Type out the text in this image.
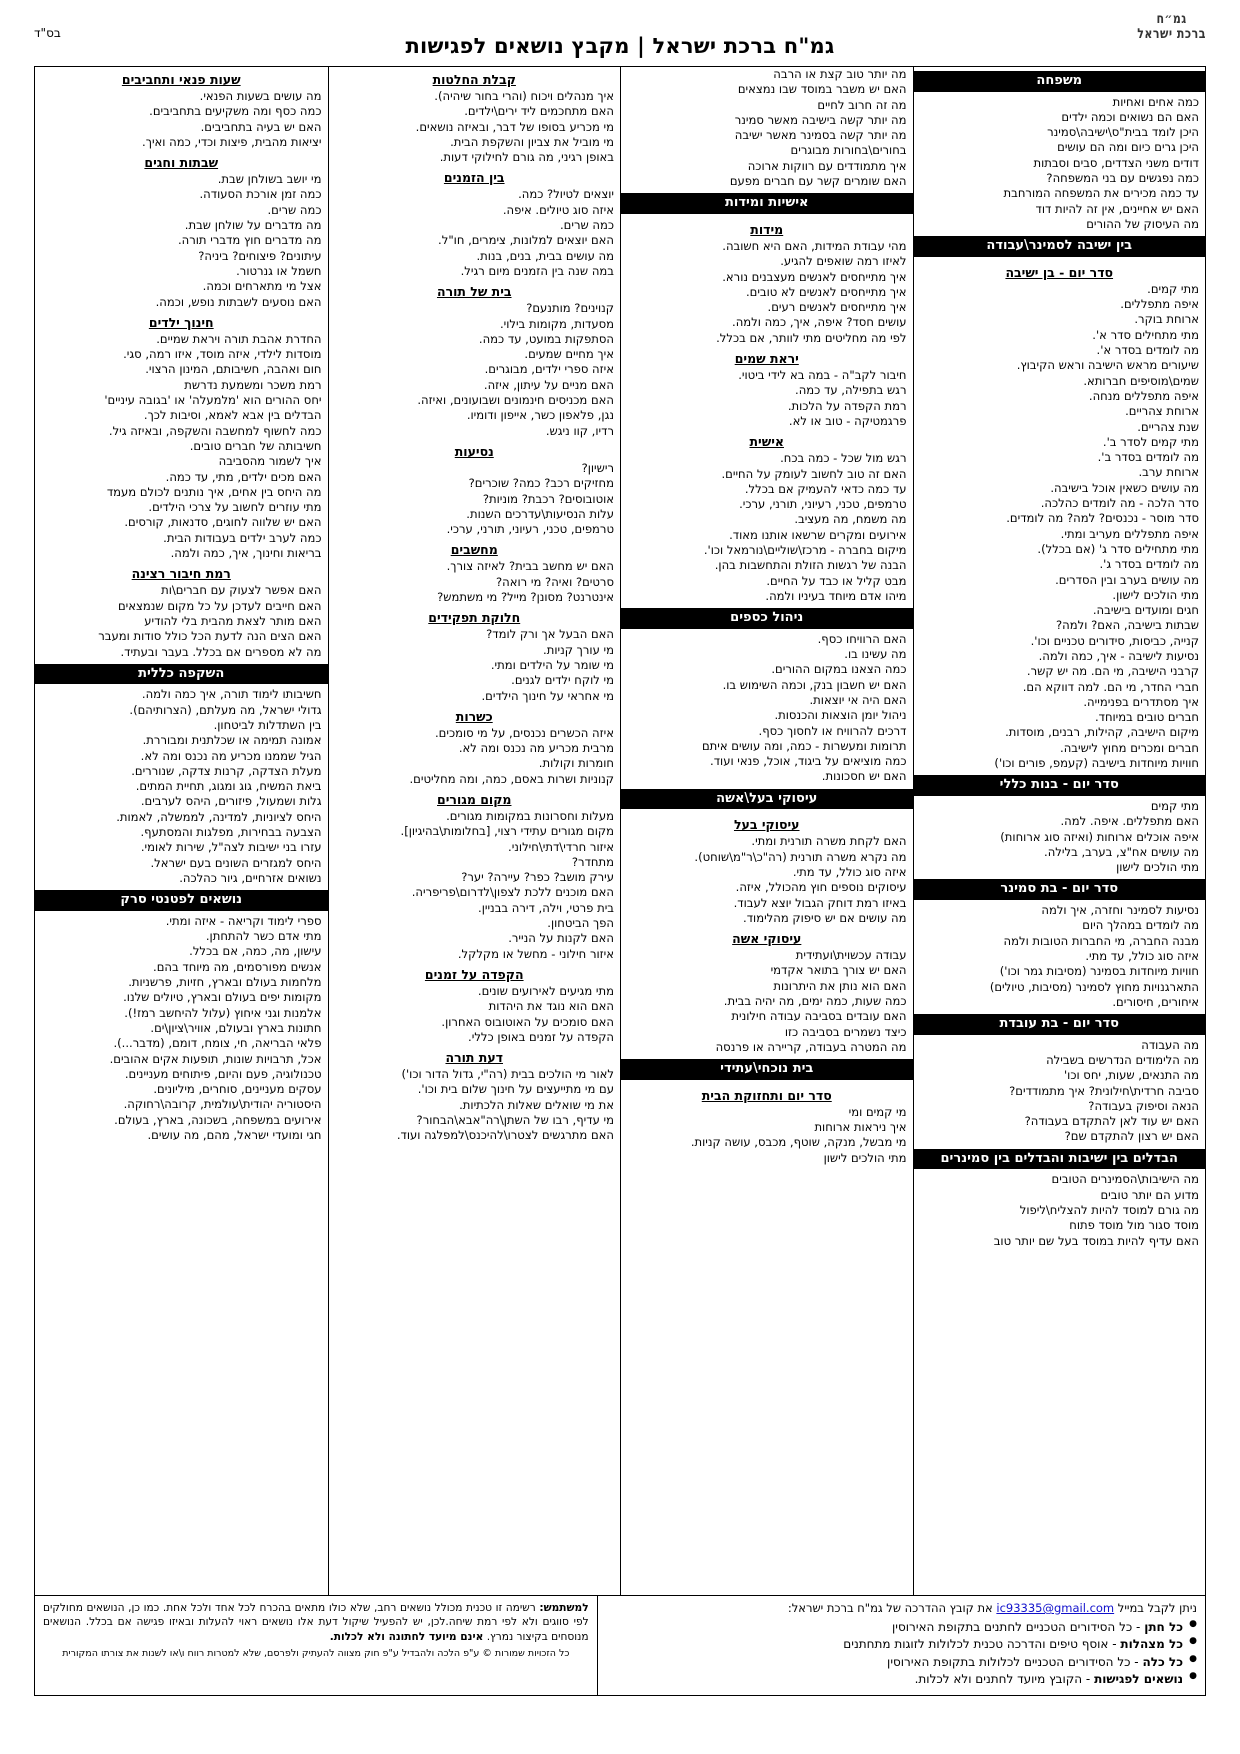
גמ״ח
ברכת ישראל
בס"ד
גמ"ח ברכת ישראל | מקבץ נושאים לפגישות
משפחה
כמה אחים ואחיות
האם הם נשואים וכמה ילדים
היכן לומד בבית"ס\ישיבה\סמינר
היכן גרים כיום ומה הם עושים
דודים משני הצדדים, סבים וסבתות
כמה נפגשים עם בני המשפחה?
עד כמה מכירים את המשפחה המורחבת
האם יש אחיינים, אין זה להיות דוד
מה העיסוק של ההורים
בין ישיבה לסמינר\עבודה
סדר יום - בן ישיבה
מתי קמים.
איפה מתפללים.
ארוחת בוקר.
מתי מתחילים סדר א'.
מה לומדים בסדר א'.
שיעורים מראש הישיבה וראש הקיבוץ.
שמים\מוסיפים חברותא.
איפה מתפללים מנחה.
ארוחת צהריים.
שנת צהריים.
מתי קמים לסדר ב'.
מה לומדים בסדר ב'.
ארוחת ערב.
מה עושים כשאין אוכל בישיבה.
סדר הלכה - מה לומדים כהלכה.
סדר מוסר - נכנסים? למה? מה לומדים.
איפה מתפללים מעריב ומתי.
מתי מתחילים סדר ג' (אם בכלל).
מה לומדים בסדר ג'.
מה עושים בערב ובין הסדרים.
מתי הולכים לישון.
חגים ומועדים בישיבה.
שבתות בישיבה, האם? ולמה?
קנייה, כביסות, סידורים טכניים וכו'.
נסיעות לישיבה - איך, כמה ולמה.
קרבני הישיבה, מי הם. מה יש קשר.
חברי החדר, מי הם. למה דווקא הם.
איך מסתדרים בפנימייה.
חברים טובים במיוחד.
מיקום הישיבה, קהילות, רבנים, מוסדות.
חברים ומכרים מחוץ לישיבה.
חוויות מיוחדות בישיבה (קעמפ, פורים וכו')
סדר יום - בנות כללי
מתי קמים
האם מתפללים. איפה. למה.
איפה אוכלים ארוחות (ואיזה סוג ארוחות)
מה עושים אח"צ, בערב, בלילה.
מתי הולכים לישון
סדר יום - בת סמינר
נסיעות לסמינר וחזרה, איך ולמה
מה לומדים במהלך היום
מבנה החברה, מי החברות הטובות ולמה
איזה סוג כולל, עד מתי.
חוויות מיוחדות בסמינר (מסיבות גמר וכו')
התארגנויות מחוץ לסמינר (מסיבות, טיולים)
איחורים, חיסורים.
סדר יום - בת עובדת
מה העבודה
מה הלימודים הנדרשים בשבילה
מה התנאים, שעות, יחס וכו'
סביבה חרדית\חילונית? איך מתמודדים?
הנאה וסיפוק בעבודה?
האם יש עוד לאן להתקדם בעבודה?
האם יש רצון להתקדם שם?
הבדלים בין ישיבות והבדלים בין סמינרים
מה הישיבות\הסמינרים הטובים
מדוע הם יותר טובים
מה גורם למוסד להיות להצליח\ליפול
מוסד סגור מול מוסד פתוח
האם עדיף להיות במוסד בעל שם יותר טוב
מה יותר טוב קצת או הרבה
האם יש משבר במוסד שבו נמצאים
מה זה חרוב לחיים
מה יותר קשה בישיבה מאשר סמינר
מה יותר קשה בסמינר מאשר ישיבה
בחורים\בחורות מבוגרים
איך מתמודדים עם רווקות ארוכה
האם שומרים קשר עם חברים מפעם
אישיות ומידות
מידות
מהי עבודת המידות, האם היא חשובה.
לאיזו רמה שואפים להגיע.
איך מתייחסים לאנשים מעצבנים נורא.
איך מתייחסים לאנשים לא טובים.
איך מתייחסים לאנשים רעים.
עושים חסד? איפה, איך, כמה ולמה.
לפי מה מחליטים מתי לוותר, אם בכלל.
יראת שמים
חיבור לקב"ה - במה בא לידי ביטוי.
רגש בתפילה, עד כמה.
רמת הקפדה על הלכות.
פרגמטיקה - טוב או לא.
אישית
רגש מול שכל - כמה בכח.
האם זה טוב לחשוב לעומק על החיים.
עד כמה כדאי להעמיק אם בכלל.
טרמפים, טכני, רעיוני, תורני, ערכי.
מה משמח, מה מעציב.
אירועים ומקרים שרשאו אותנו מאוד.
מיקום בחברה - מרכז\שוליים\נורמאל וכו'.
הבנה של רגשות הזולת והתחשבות בהן.
מבט קליל או כבד על החיים.
מיהו אדם מיוחד בעיניו ולמה.
ניהול כספים
האם הרוויחו כסף.
מה עשינו בו.
כמה הצאנו במקום ההורים.
האם יש חשבון בנק, וכמה השימוש בו.
האם היה אי יוצאות.
ניהול יומן הוצאות והכנסות.
דרכים להרוויח או לחסוך כסף.
תרומות ומעשרות - כמה, ומה עושים איתם
כמה מוציאים על ביגוד, אוכל, פנאי ועוד.
האם יש חסכונות.
עיסוקי בעל\אשה
עיסוקי בעל
האם לקחת משרה תורנית ומתי.
מה נקרא משרה תורנית (רה"כ\ר"מ\שוחט).
איזה סוג כולל, עד מתי.
עיסוקים נוספים חוץ מהכולל, איזה.
באיזו רמת דוחק הגבול יוצא לעבוד.
מה עושים אם יש סיפוק מהלימוד.
עיסוקי אשה
עבודה עכשוית\ועתידית
האם יש צורך בתואר אקדמי
האם הוא נותן את היתרונות
כמה שעות, כמה ימים, מה יהיה בבית.
האם עובדים בסביבה עבודה חילונית
כיצד נשמרים בסביבה כזו
מה המטרה בעבודה, קריירה או פרנסה
בית נוכחי\עתידי
סדר יום ותחזוקת הבית
מי קמים ומי
איך ניראות ארוחות
מי מבשל, מנקה, שוטף, מכבס, עושה קניות.
מתי הולכים לישון
קבלת החלטות
איך מנהלים ויכוח (והרי בחור שיהיה).
האם מתחכמים ליד ירים\ילדים.
מי מכריע בסופו של דבר, ובאיזה נושאים.
מי מוביל את צביון והשקפת הבית.
באופן רגיני, מה גורם לחילוקי דעות.
בין הזמנים
יוצאים לטיול? כמה.
איזה סוג טיולים. איפה.
כמה שרים.
האם יוצאים למלונות, צימרים, חו"ל.
מה עושים בבית, בנים, בנות.
במה שנה בין הזמנים מיום רגיל.
בית של תורה
קנוינים? מותנעם?
מסעדות, מקומות בילוי.
הסתפקות במועט, עד כמה.
איך מחיים שמעים.
איזה ספרי ילדים, מבוגרים.
האם מניים על עיתון, איזה.
האם מכניסים חינמונים ושבועונים, ואיזה.
נגן, פלאפון כשר, אייפון ודומיו.
רדיו, קוו ניגש.
נסיעות
רישיון?
מחזיקים רכב? כמה? שוכרים?
אוטובוסים? רכבת? מוניות?
עלות הנסיעות\עדרכים השנות.
טרמפים, טכני, רעיוני, תורני, ערכי.
מחשבים
האם יש מחשב בבית? לאיזה צורך.
סרטים? ואיה? מי רואה?
אינטרנט? מסונן? מייל? מי משתמש?
חלוקת תפקידים
האם הבעל אך ורק לומד?
מי עורך קניות.
מי שומר על הילדים ומתי.
מי לוקח ילדים לגנים.
מי אחראי על חינוך הילדים.
כשרות
איזה הכשרים נכנסים, על מי סומכים.
מרבית מכריע מה נכנס ומה לא.
חומרות וקולות.
קנוניות ושרות באסם, כמה, ומה מחליטים.
מקום מגורים
מעלות וחסרונות במקומות מגורים.
מקום מגורים עתידי רצוי, [בחלומות\בהיגיון].
איזור חרדי\דתי\חילוני.
מתחדר?
עירק מושב? כפר? עיירה? יער?
האם מוכנים ללכת לצפון\לדרום\פריפריה.
בית פרטי, וילה, דירה בבניין.
הפך הביטחון.
האם לקנות על הנייר.
איזור חילוני - מחשל או מקלקל.
הקפדה על זמנים
מתי מגיעים לאירועים שונים.
האם הוא נוגד את היהדות
האם סומכים על האוטובוס האחרון.
הקפדה על זמנים באופן כללי.
דעת תורה
לאור מי הולכים בבית (רה"י, גדול הדור וכו')
עם מי מתייעצים על חינוך שלום בית וכו'.
את מי שואלים שאלות הלכתיות.
מי עדיף, רבו של השתן\רה"אבא\הבחור?
האם מתרגשים לצטרו\להיכנס\למפלגה ועוד.
שעות פנאי ותחביבים
מה עושים בשעות הפנאי.
כמה כסף ומה משקיעים בתחביבים.
האם יש בעיה בתחביבים.
יציאות מהבית, פיצות וכדי, כמה ואיך.
שבתות וחגים
מי יושב בשולחן שבת.
כמה זמן אורכת הסעודה.
כמה שרים.
מה מדברים על שולחן שבת.
מה מדברים חוץ מדברי תורה.
עיתונים? פיצוחים? ביניה?
חשמל או גנרטור.
אצל מי מתארחים וכמה.
האם נוסעים לשבתות נופש, וכמה.
חינוך ילדים
החדרת אהבת תורה ויראת שמיים.
מוסדות לילדי, איזה מוסד, איזו רמה, סגי.
חום ואהבה, חשיבותם, המינון הרצוי.
רמת משכר ומשמעת נדרשת
יחס ההורים הוא 'מלמעלה' או 'בגובה עיניים'
הבדלים בין אבא לאמא, וסיבות לכך.
כמה לחשוף למחשבה והשקפה, ובאיזה גיל.
חשיבותה של חברים טובים.
איך לשמור מהסביבה
האם מכים ילדים, מתי, עד כמה.
מה היחס בין אחים, איך נותנים לכולם מעמד
מתי עוזרים לחשוב על צרכי הילדים.
האם יש שלווה לחוגים, סדנאות, קורסים.
כמה לערב ילדים בעבודות הבית.
בריאות וחינוך, איך, כמה ולמה.
רמת חיבור רצינה
האם אפשר לצעוק עם חברים\ות
האם חייבים לעדכן על כל מקום שנמצאים
האם מותר לצאת מהבית בלי להודיע
האם הצים הנה לדעת הכל כולל סודות ומעבר
מה לא מספרים אם בכלל. בעבר ובעתיד.
השקפה כללית
חשיבותו לימוד תורה, איך כמה ולמה.
גדולי ישראל, מה מעלתם, (הצרותיהם).
בין השתדלות לביטחון.
אמונה תמימה או שכלתנית ומבוררת.
הגיל שממנו מכריע מה נכנס ומה לא.
מעלת הצדקה, קרנות צדקה, שנוררים.
ביאת המשיח, גוג ומגוג, תחיית המתים.
גלות ושמעול, פיזורים, היהס לערבים.
היחס לציוניות, למדינה, לממשלה, לאמות.
הצבעה בבחירות, מפלגות והמסתעף.
עזרו בני ישיבות לצה"ל, שירות לאומי.
היחס למגזרים השונים בעם ישראל.
נשואים אזרחיים, גיור כהלכה.
נושאים לפטנטי סרק
ספרי לימוד וקריאה - איזה ומתי.
מתי אדם כשר להתחתן.
עישון, מה, כמה, אם בכלל.
אנשים מפורסמים, מה מיוחד בהם.
מלחמות בעולם ובארץ, חזיות, פרשניות.
מקומות יפים בעולם ובארץ, טיולים שלנו.
אלמנות וגני איחוץ (עלול להיחשב רמז!).
חתונות בארץ ובעולם, אוויר\ציון\ים.
פלאי הבריאה, חי, צומח, דומם, (מדבר...).
אכל, תרבויות שונות, תופעות אקים אהובים.
טכנולוגיה, פעם והיום, פיתוחים מעניינים.
עסקים מעניינים, סוחרים, מיליונים.
היסטוריה יהודית\עולמית, קרובה\רחוקה.
אירועים במשפחה, בשכונה, בארץ, בעולם.
חגי ומועדי ישראל, מהם, מה עושים.
ניתן לקבל במייל ic93335@gmail.com את קובץ ההדרכה של גמ"ח ברכת ישראל:
● כל חתן - כל הסידורים הטכניים לחתנים בתקופת האירוסין
● כל מצהלות - אוסף טיפים והדרכה טכנית לכלולות לזוגות מתחתנים
● כל כלה - כל הסידורים הטכניים לכלולות בתקופת האירוסין
● נושאים לפגישות - הקובץ מיועד לחתנים ולא לכלות.
למשתמש: רשימה זו טכנית מכולל נושאים רחב, שלא כולו מתאים בהכרח לכל אחד ולכל אחת. כמו כן, הנושאים מחולקים לפי סווגים ולא לפי רמת שיחה.לכן, יש להפעיל שיקול דעת אלו נושאים ראוי להעלות ובאיזו פגישה אם בכלל. הנושאים מנוסחים בקיצור נמרץ. אינם מיועד לחתונה ולא לכלות.
כל הזכויות שמורות © ע"פ הלכה ולהבדיל ע"פ חוק מצווה להעתיק ולפרסם, שלא למטרות רווח ו\או לשנות את צורתו המקורית
